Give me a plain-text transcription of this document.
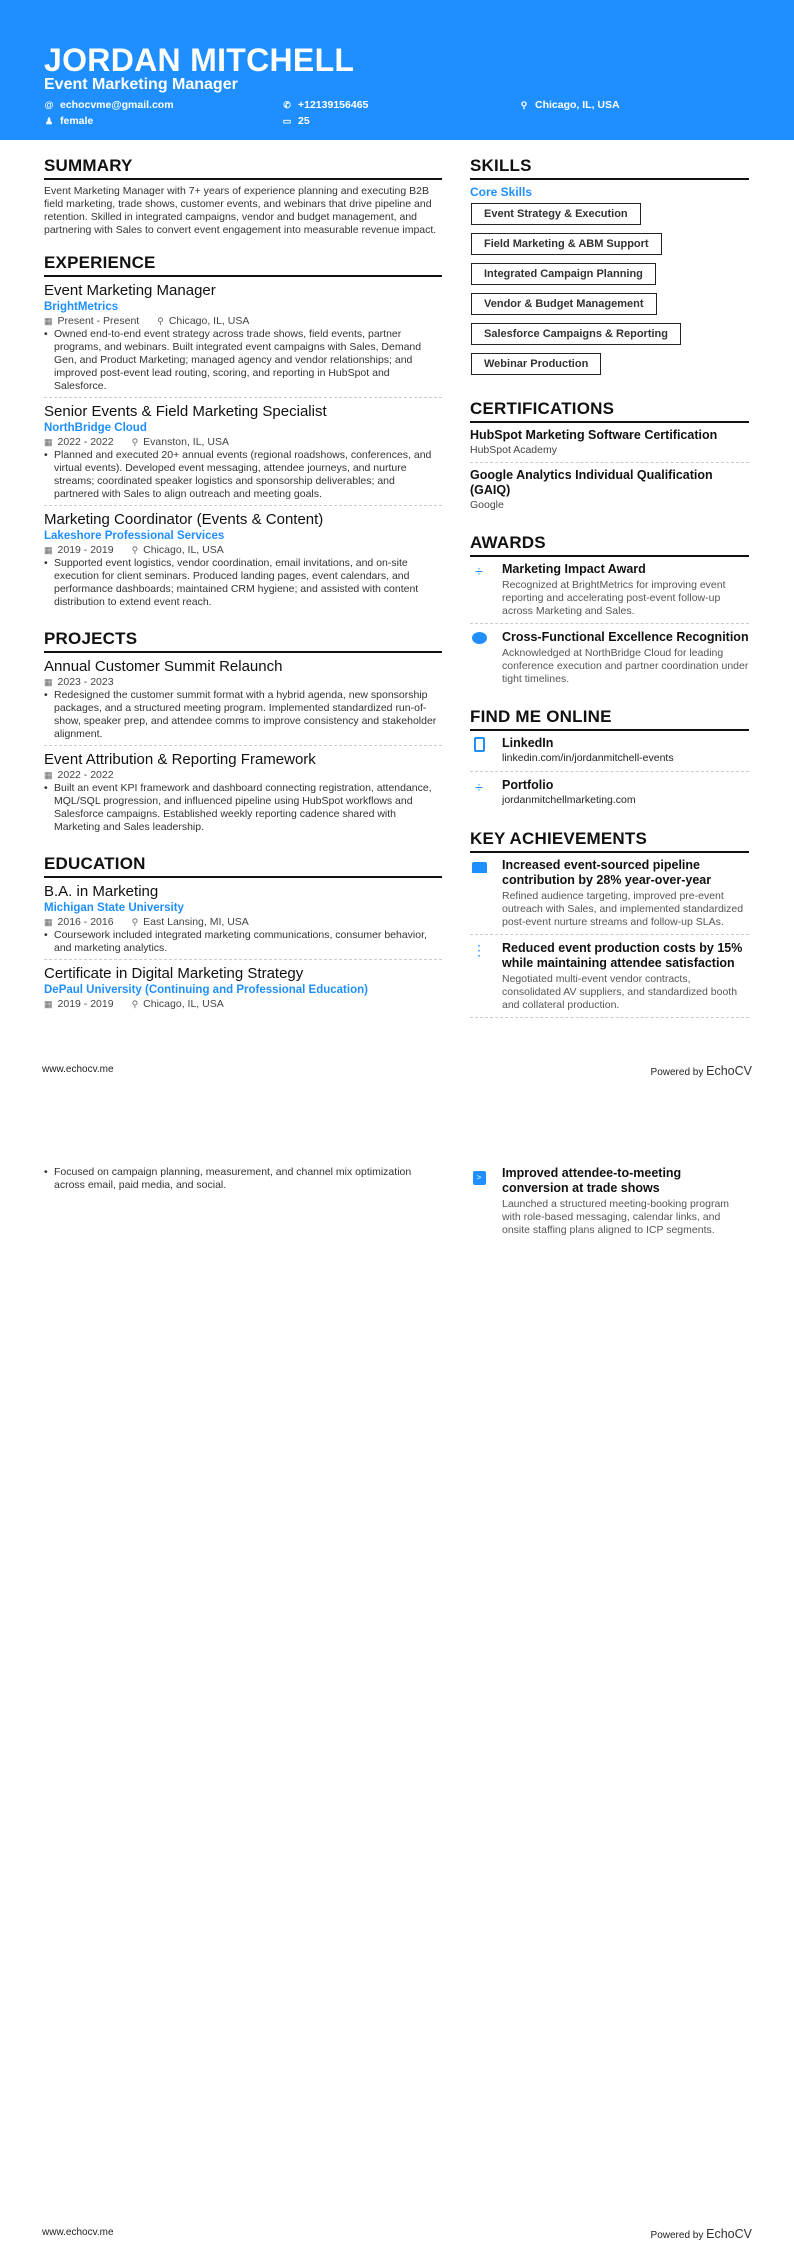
JORDAN MITCHELL
Event Marketing Manager
@ echocvme@gmail.com	✆ +12139156465	⚲ Chicago, IL, USA
♟ female	▭ 25
SUMMARY

Event Marketing Manager with 7+ years of experience planning and executing B2B field marketing, trade shows, customer events, and webinars that drive pipeline and retention. Skilled in integrated campaigns, vendor and budget management, and partnering with Sales to convert event engagement into measurable revenue impact.

EXPERIENCE
Event Marketing Manager
BrightMetrics
▦ Present - Present ⚲ Chicago, IL, USA
• Owned end-to-end event strategy across trade shows, field events, partner programs, and webinars. Built integrated event campaigns with Sales, Demand Gen, and Product Marketing; managed agency and vendor relationships; and improved post-event lead routing, scoring, and reporting in HubSpot and Salesforce.
Senior Events & Field Marketing Specialist
NorthBridge Cloud
▦ 2022 - 2022 ⚲ Evanston, IL, USA
• Planned and executed 20+ annual events (regional roadshows, conferences, and virtual events). Developed event messaging, attendee journeys, and nurture streams; coordinated speaker logistics and sponsorship deliverables; and partnered with Sales to align outreach and meeting goals.
Marketing Coordinator (Events & Content)
Lakeshore Professional Services
▦ 2019 - 2019 ⚲ Chicago, IL, USA
• Supported event logistics, vendor coordination, email invitations, and on-site execution for client seminars. Produced landing pages, event calendars, and performance dashboards; maintained CRM hygiene; and assisted with content distribution to extend event reach.
PROJECTS
Annual Customer Summit Relaunch
▦ 2023 - 2023
• Redesigned the customer summit format with a hybrid agenda, new sponsorship packages, and a structured meeting program. Implemented standardized run-of-show, speaker prep, and attendee comms to improve consistency and stakeholder alignment.
Event Attribution & Reporting Framework
▦ 2022 - 2022
• Built an event KPI framework and dashboard connecting registration, attendance, MQL/SQL progression, and influenced pipeline using HubSpot workflows and Salesforce campaigns. Established weekly reporting cadence shared with Marketing and Sales leadership.
EDUCATION
B.A. in Marketing
Michigan State University
▦ 2016 - 2016 ⚲ East Lansing, MI, USA
• Coursework included integrated marketing communications, consumer behavior, and marketing analytics.
Certificate in Digital Marketing Strategy
DePaul University (Continuing and Professional Education)
▦ 2019 - 2019 ⚲ Chicago, IL, USA
SKILLS
Core Skills
Event Strategy & Execution
Field Marketing & ABM Support
Integrated Campaign Planning
Vendor & Budget Management
Salesforce Campaigns & Reporting
Webinar Production
CERTIFICATIONS
HubSpot Marketing Software Certification
HubSpot Academy
Google Analytics Individual Qualification (GAIQ)
Google
AWARDS
÷	Marketing Impact Award
Recognized at BrightMetrics for improving event reporting and accelerating post-event follow-up across Marketing and Sales.
Cross-Functional Excellence Recognition
Acknowledged at NorthBridge Cloud for leading conference execution and partner coordination under tight timelines.
FIND ME ONLINE
LinkedIn
linkedin.com/in/jordanmitchell-events
÷	Portfolio
jordanmitchellmarketing.com
KEY ACHIEVEMENTS
Increased event-sourced pipeline contribution by 28% year-over-year
Refined audience targeting, improved pre-event outreach with Sales, and implemented standardized post-event nurture streams and follow-up SLAs.
⋮ Reduced event production costs by 15% while maintaining attendee satisfaction
Negotiated multi-event vendor contracts, consolidated AV suppliers, and standardized booth and collateral production.
www.echocv.me	Powered by EchoCV
• Focused on campaign planning, measurement, and channel mix optimization across email, paid media, and social.
>	Improved attendee-to-meeting conversion at trade shows
Launched a structured meeting-booking program with role-based messaging, calendar links, and onsite staffing plans aligned to ICP segments.
www.echocv.me	Powered by EchoCV
